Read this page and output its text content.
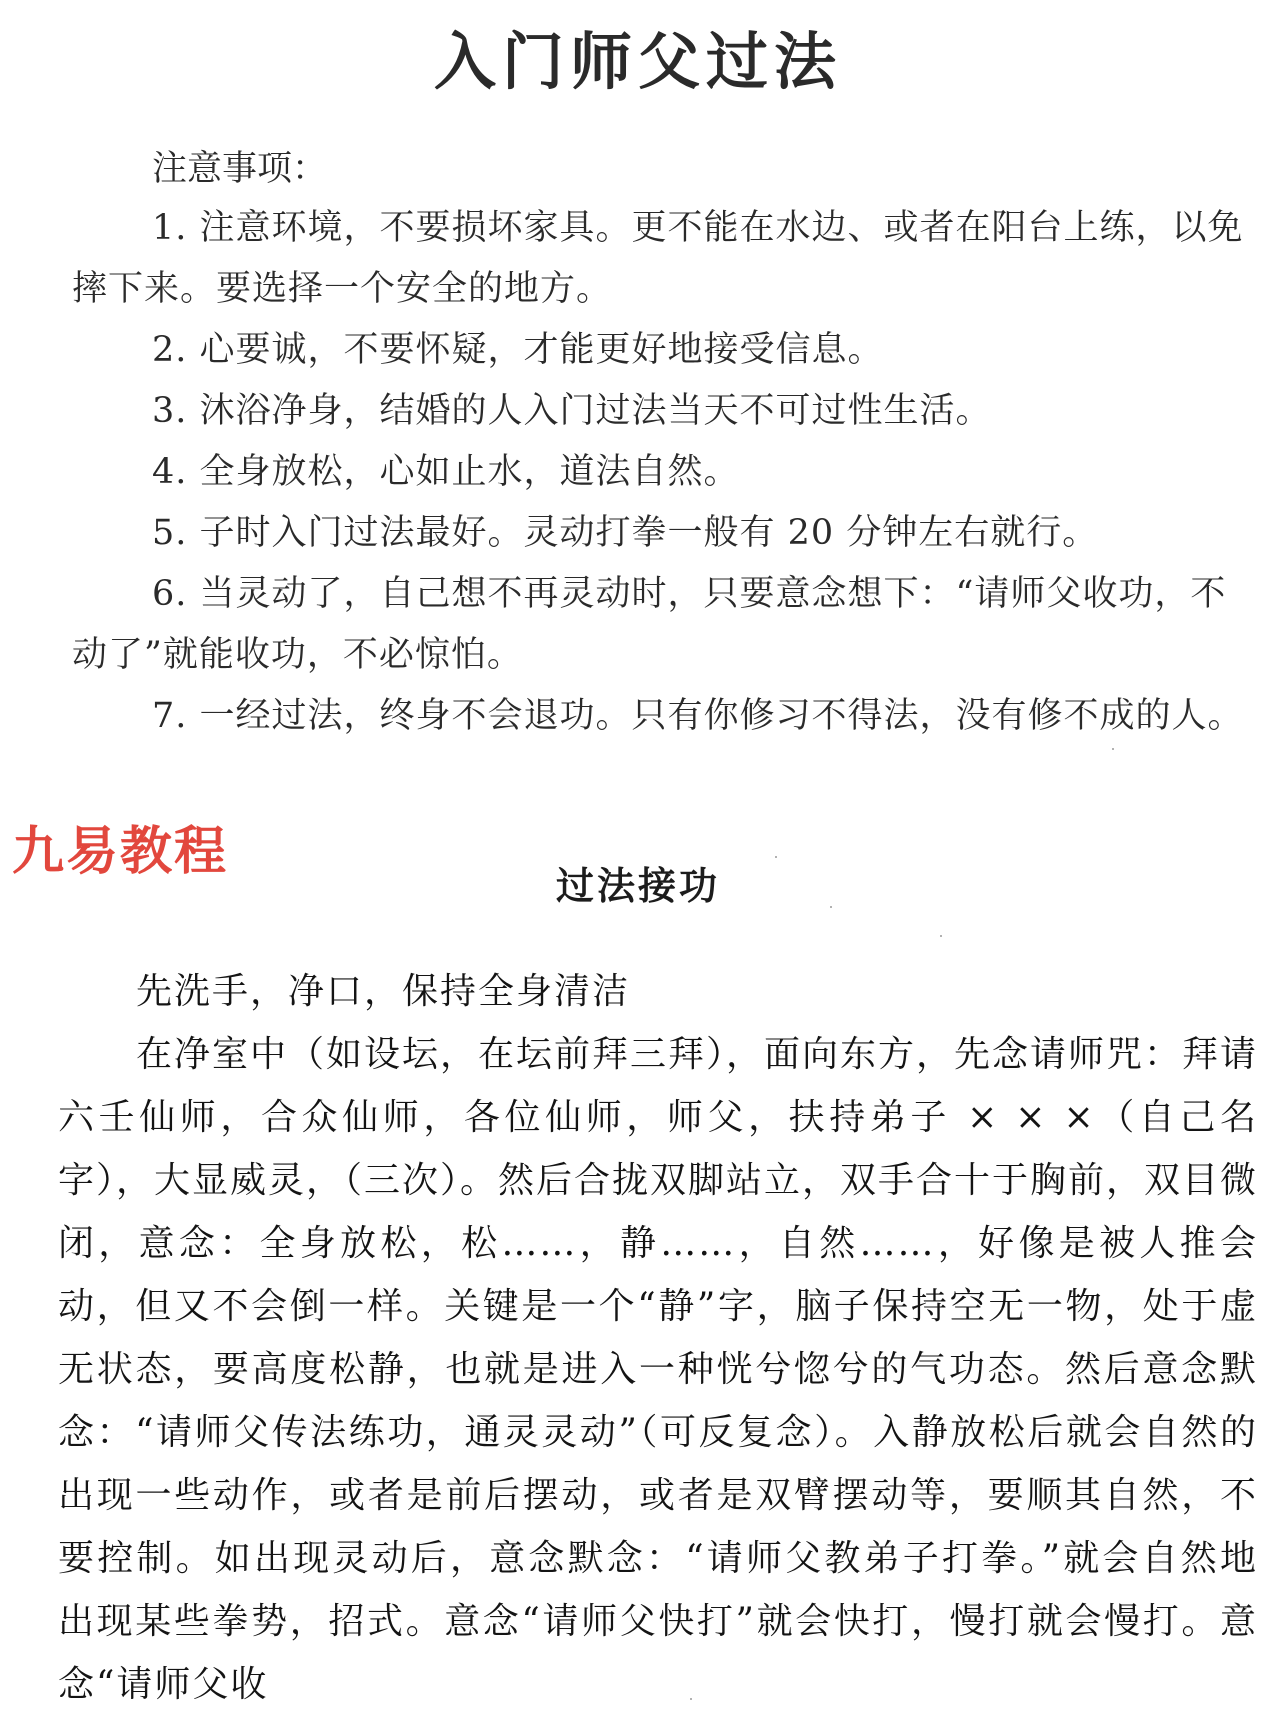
入门师父过法

注意事项：

1. 注意环境，不要损坏家具。更不能在水边、或者在阳台上练，以免摔下来。要选择一个安全的地方。

2. 心要诚，不要怀疑，才能更好地接受信息。

3. 沐浴净身，结婚的人入门过法当天不可过性生活。

4. 全身放松，心如止水，道法自然。

5. 子时入门过法最好。灵动打拳一般有 20 分钟左右就行。

6. 当灵动了，自己想不再灵动时，只要意念想下：“请师父收功，不动了”就能收功，不必惊怕。

7. 一经过法，终身不会退功。只有你修习不得法，没有修不成的人。

九易教程

过法接功

先洗手，净口，保持全身清洁

在净室中（如设坛，在坛前拜三拜），面向东方，先念请师咒：拜请六壬仙师，合众仙师，各位仙师，师父，扶持弟子 × × ×（自己名字），大显威灵，（三次）。然后合拢双脚站立，双手合十于胸前，双目微闭，意念：全身放松，松……，静……，自然……，好像是被人推会动，但又不会倒一样。关键是一个“静”字，脑子保持空无一物，处于虚无状态，要高度松静，也就是进入一种恍兮惚兮的气功态。然后意念默念：“请师父传法练功，通灵灵动”（可反复念）。入静放松后就会自然的出现一些动作，或者是前后摆动，或者是双臂摆动等，要顺其自然，不要控制。如出现灵动后，意念默念：“请师父教弟子打拳。”就会自然地出现某些拳势，招式。意念“请师父快打”就会快打，慢打就会慢打。意念“请师父收
